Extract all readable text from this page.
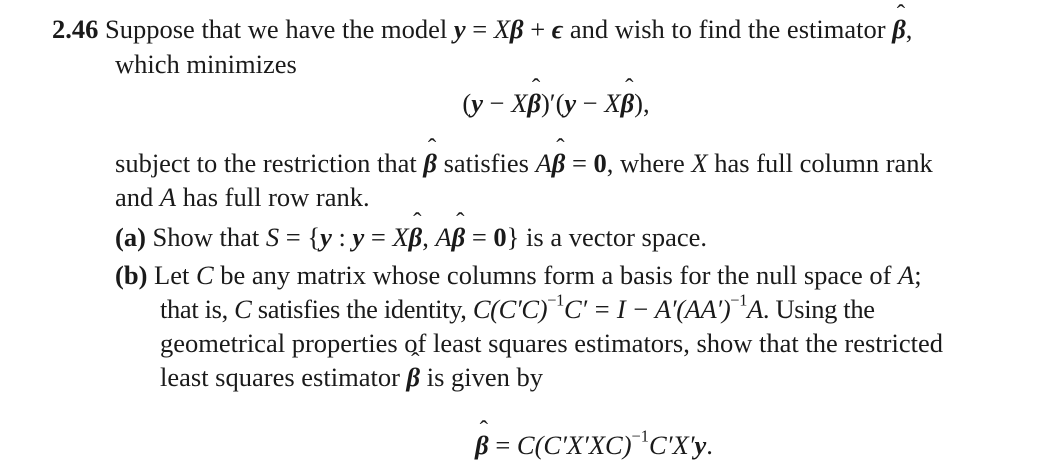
2.46 Suppose that we have the model y = Xβ + ϵ and wish to find the estimator β ˆ,
which minimizes
(y − Xβ ˆ)′(y − Xβ ˆ),
subject to the restriction that β ˆ satisfies Aβ ˆ = 0, where X has full column rank
and A has full row rank.
(a) Show that S = {y : y = Xβ ˆ, Aβ ˆ = 0} is a vector space.
(b) Let C be any matrix whose columns form a basis for the null space of A;
that is, C satisfies the identity, $C(C'C)^{-1}C' = I - A'(AA')^{-1}A$. Using the
geometrical properties of least squares estimators, show that the restricted
least squares estimator β ˆ is given by
β ˆ = $C(C'X'XC)^{-1}C'X'y$.
